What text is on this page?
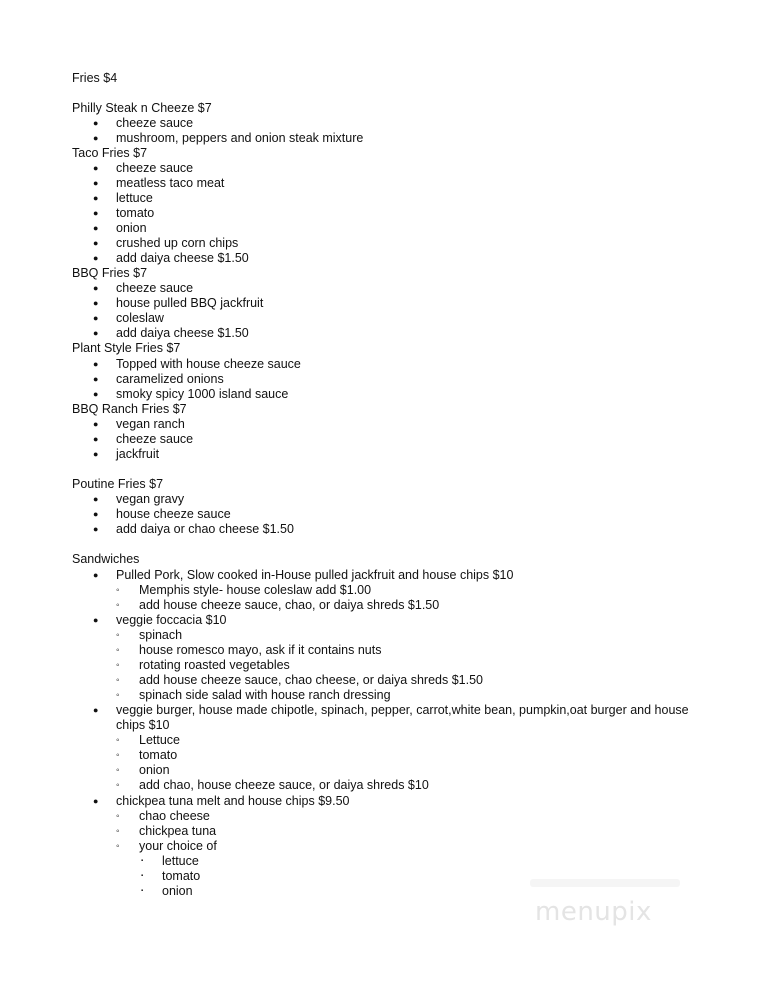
Fries $4
Philly Steak n Cheeze $7
● cheeze sauce
● mushroom, peppers and onion steak mixture
Taco Fries $7
● cheeze sauce
● meatless taco meat
● lettuce
● tomato
● onion
● crushed up corn chips
● add daiya cheese $1.50
BBQ Fries $7
● cheeze sauce
● house pulled BBQ jackfruit
● coleslaw
● add daiya cheese $1.50
Plant Style Fries $7
● Topped with house cheeze sauce
● caramelized onions
● smoky spicy 1000 island sauce
BBQ Ranch Fries $7
● vegan ranch
● cheeze sauce
● jackfruit
Poutine Fries $7
● vegan gravy
● house cheeze sauce
● add daiya or chao cheese $1.50
Sandwiches
● Pulled Pork, Slow cooked in-House pulled jackfruit and house chips $10
◦ Memphis style- house coleslaw add $1.00
◦ add house cheeze sauce, chao, or daiya shreds $1.50
● veggie foccacia $10
◦ spinach
◦ house romesco mayo, ask if it contains nuts
◦ rotating roasted vegetables
◦ add house cheeze sauce, chao cheese, or daiya shreds $1.50
◦ spinach side salad with house ranch dressing
● veggie burger, house made chipotle, spinach, pepper, carrot,white bean, pumpkin,oat burger and house chips $10
◦ Lettuce
◦ tomato
◦ onion
◦ add chao, house cheeze sauce, or daiya shreds $10
● chickpea tuna melt and house chips $9.50
◦ chao cheese
◦ chickpea tuna
◦ your choice of
▪ lettuce
▪ tomato
▪ onion
menupix
